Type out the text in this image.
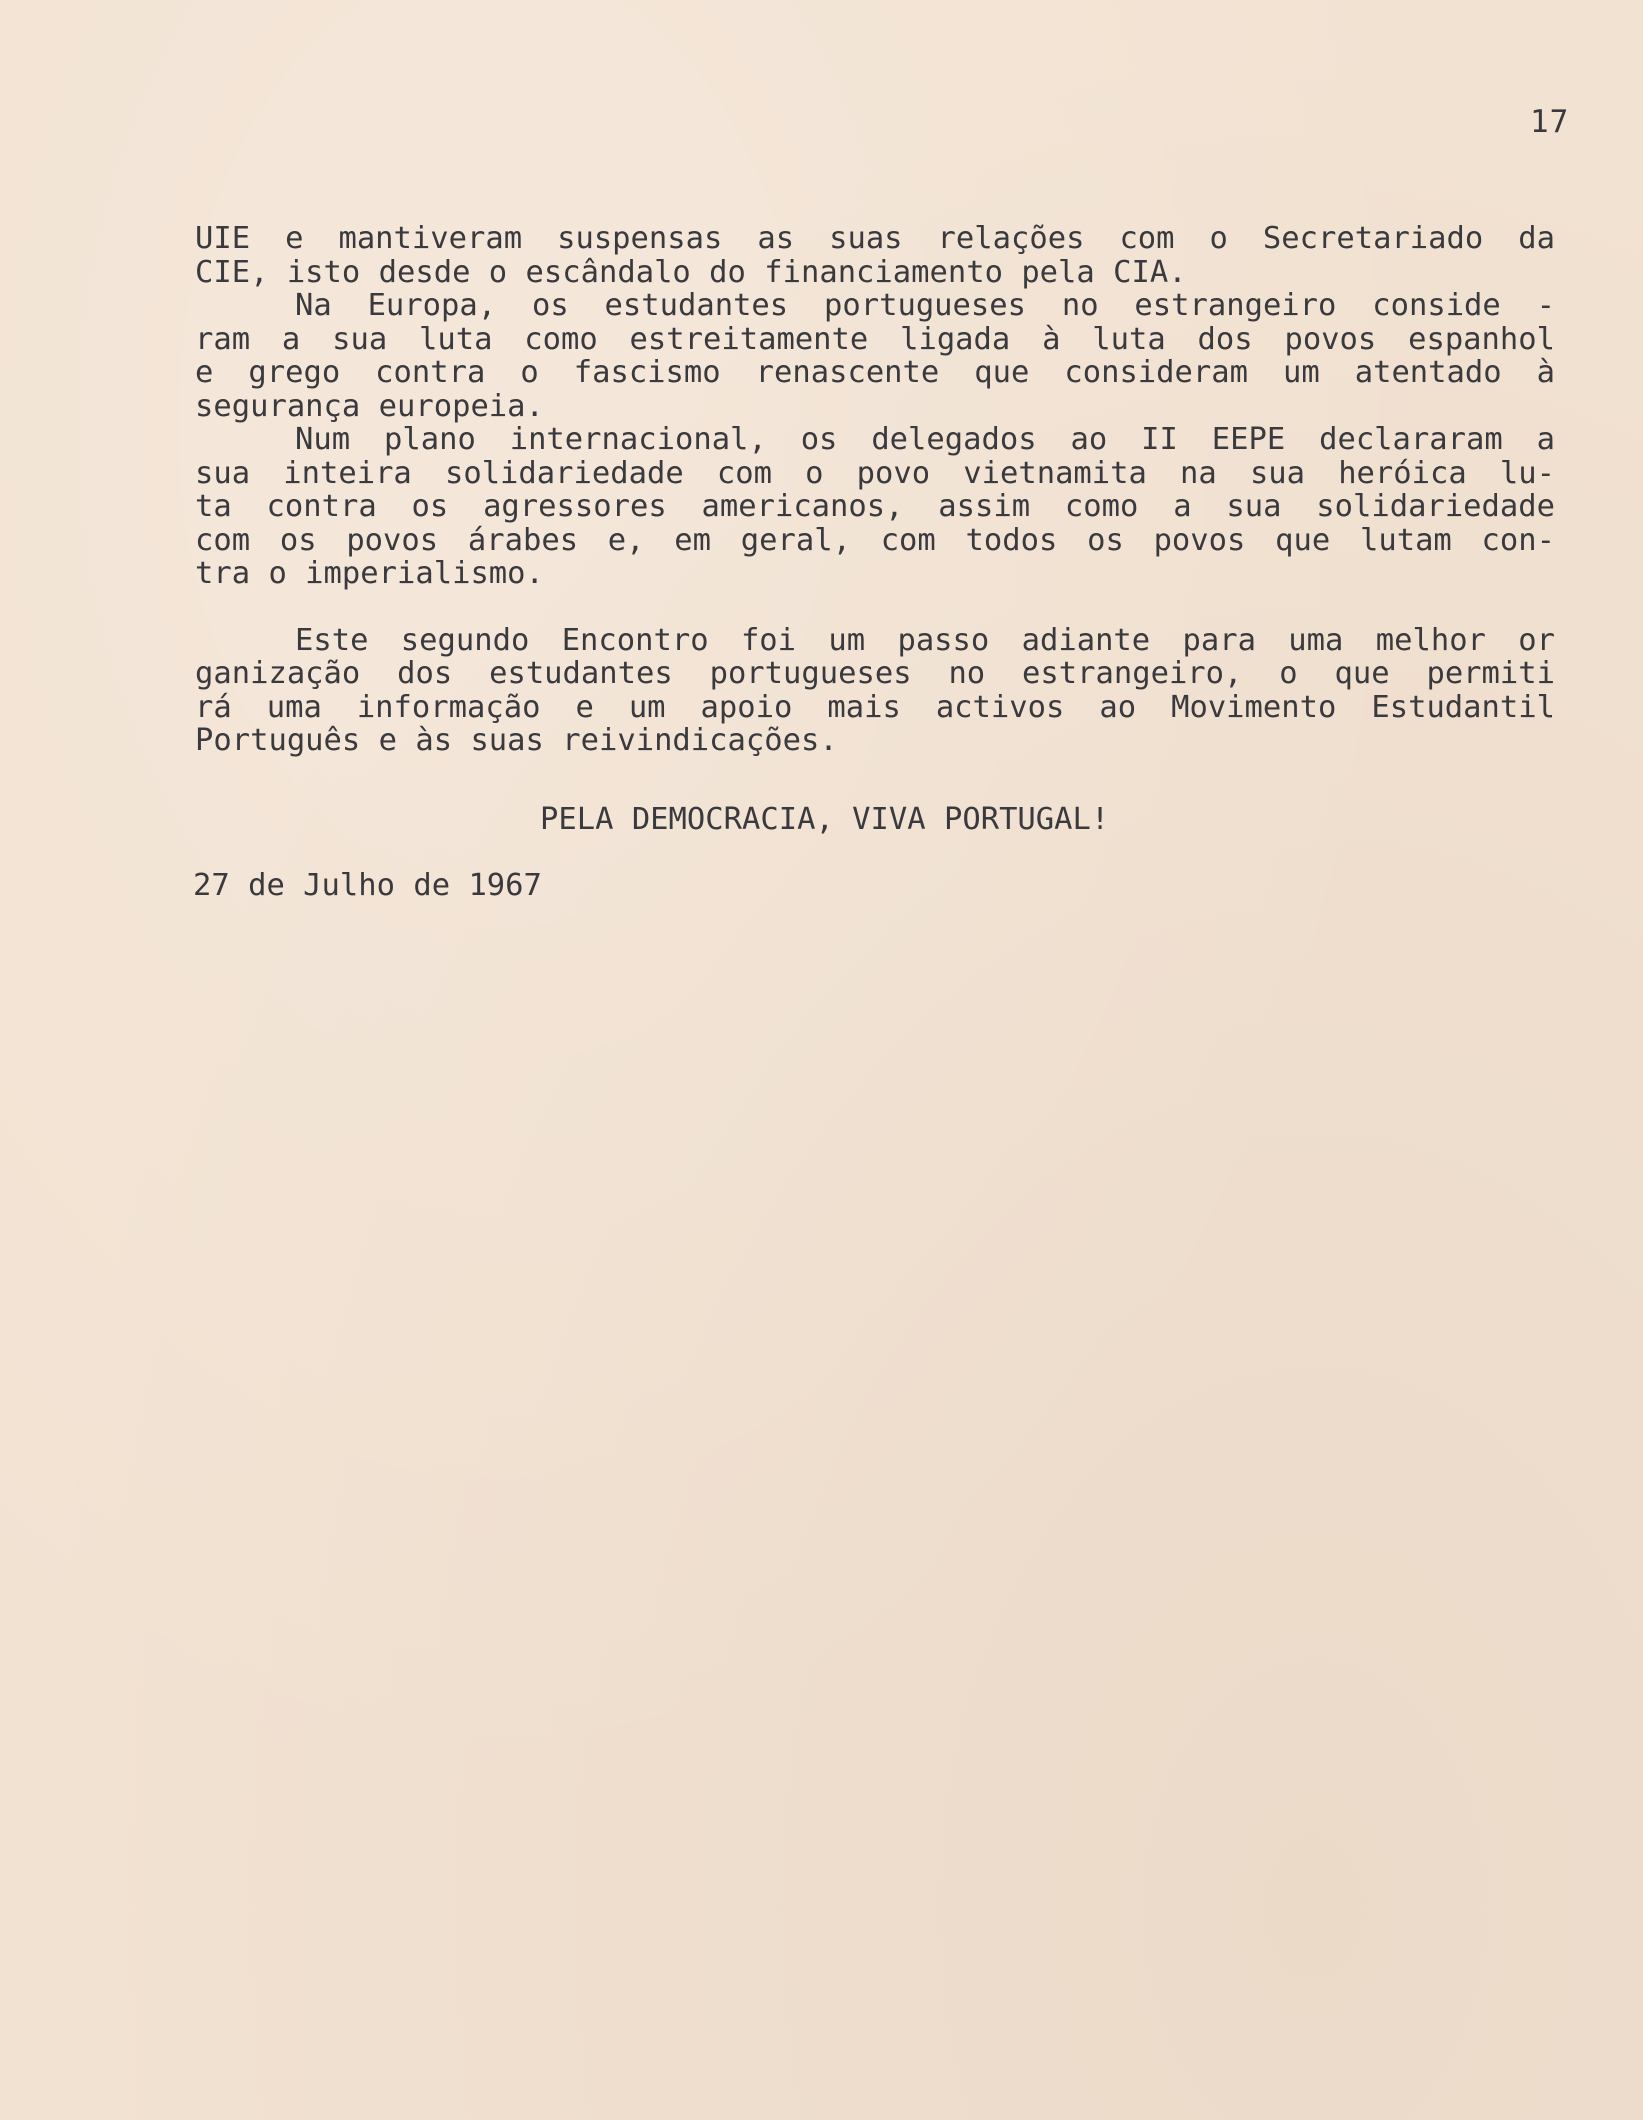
17

UIE e mantiveram suspensas as suas relações com o Secretariado da

CIE, isto desde o escândalo do financiamento pela CIA.

Na Europa, os estudantes portugueses no estrangeiro conside -

ram a sua luta como estreitamente ligada à luta dos povos espanhol

e grego contra o fascismo renascente que consideram um atentado à

segurança europeia.

Num plano internacional, os delegados ao II EEPE declararam a

sua inteira solidariedade com o povo vietnamita na sua heróica lu-

ta contra os agressores americanos, assim como a sua solidariedade

com os povos árabes e, em geral, com todos os povos que lutam con-

tra o imperialismo.

Este segundo Encontro foi um passo adiante para uma melhor or

ganização dos estudantes portugueses no estrangeiro, o que permiti

rá uma informação e um apoio mais activos ao Movimento Estudantil

Português e às suas reivindicações.

PELA DEMOCRACIA, VIVA PORTUGAL!
27 de Julho de 1967
